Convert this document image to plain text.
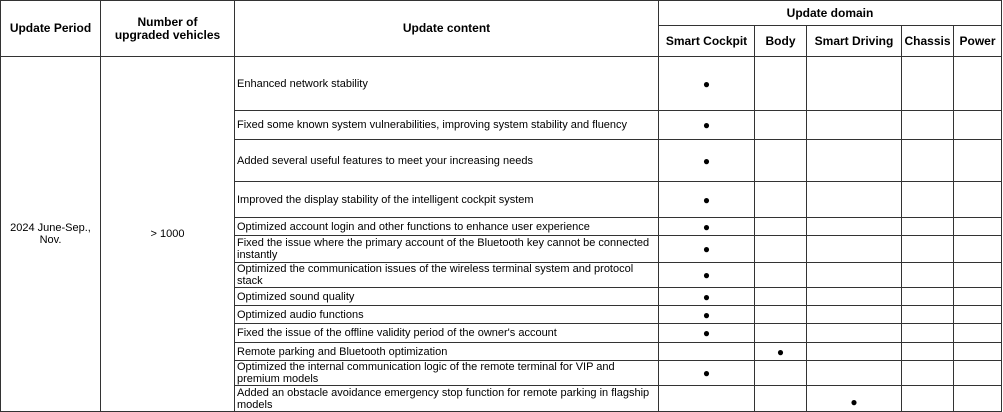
Update Period	Number of upgraded vehicles	Update content	Update domain				
			Smart Cockpit	Body	Smart Driving	Chassis	Power
2024 June-Sep., Nov.	> 1000	Enhanced network stability	●				
		Fixed some known system vulnerabilities, improving system stability and fluency	●				
		Added several useful features to meet your increasing needs	●				
		Improved the display stability of the intelligent cockpit system	●				
		Optimized account login and other functions to enhance user experience	●				
		Fixed the issue where the primary account of the Bluetooth key cannot be connected instantly	●				
		Optimized the communication issues of the wireless terminal system and protocol stack	●				
		Optimized sound quality	●				
		Optimized audio functions	●				
		Fixed the issue of the offline validity period of the owner's account	●				
		Remote parking and Bluetooth optimization		●			
		Optimized the internal communication logic of the remote terminal for VIP and premium models	●				
		Added an obstacle avoidance emergency stop function for remote parking in flagship models			●		
